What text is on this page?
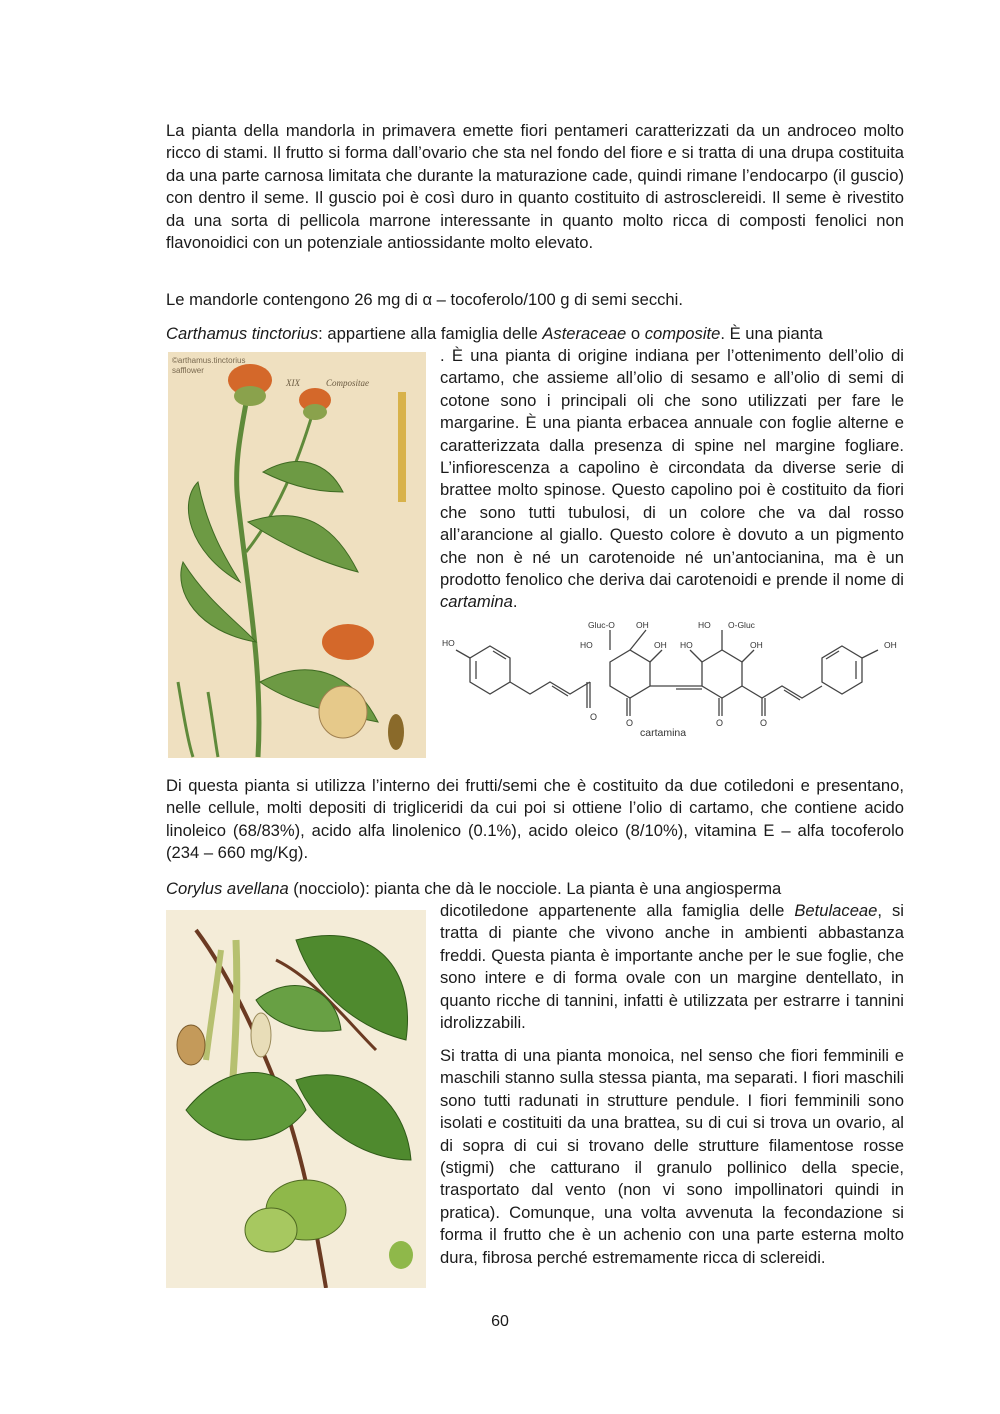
La pianta della mandorla in primavera emette fiori pentameri caratterizzati da un androceo molto ricco di stami. Il frutto si forma dall’ovario che sta nel fondo del fiore e si tratta di una drupa costituita da una parte carnosa limitata che durante la maturazione cade, quindi rimane l’endocarpo (il guscio) con dentro il seme. Il guscio poi è così duro in quanto costituito di astrosclereidi. Il seme è rivestito da una sorta di pellicola marrone interessante in quanto molto ricca di composti fenolici non flavonoidici con un potenziale antiossidante molto elevato.

Le mandorle contengono 26 mg di α – tocoferolo/100 g di semi secchi.

Carthamus tinctorius: appartiene alla famiglia delle Asteraceae o composite. È una pianta

©arthamus.tinctorius
safflower
XIX	Compositae

. È una pianta di origine indiana per l’ottenimento dell’olio di cartamo, che assieme all’olio di sesamo e all’olio di semi di cotone sono i principali oli che sono utilizzati per fare le margarine. È una pianta erbacea annuale con foglie alterne e caratterizzata dalla presenza di spine nel margine fogliare. L’infiorescenza a capolino è circondata da diverse serie di brattee molto spinose. Questo capolino poi è costituito da fiori che sono tutti tubulosi, di un colore che va dal rosso all’arancione al giallo. Questo colore è dovuto a un pigmento che non è né un carotenoide né un’antocianina, ma è un prodotto fenolico che deriva dai carotenoidi e prende il nome di cartamina.

HO
Gluc-O OH
HO
O-Gluc
HO
OH	OH
HO	OH
O
O	O	O
cartamina

Di questa pianta si utilizza l’interno dei frutti/semi che è costituito da due cotiledoni e presentano, nelle cellule, molti depositi di trigliceridi da cui poi si ottiene l’olio di cartamo, che contiene acido linoleico (68/83%), acido alfa linolenico (0.1%), acido oleico (8/10%), vitamina E – alfa tocoferolo (234 – 660 mg/Kg).

Corylus avellana (nocciolo): pianta che dà le nocciole. La pianta è una angiosperma

dicotiledone appartenente alla famiglia delle Betulaceae, si tratta di piante che vivono anche in ambienti abbastanza freddi. Questa pianta è importante anche per le sue foglie, che sono intere e di forma ovale con un margine dentellato, in quanto ricche di tannini, infatti è utilizzata per estrarre i tannini idrolizzabili.

Si tratta di una pianta monoica, nel senso che fiori femminili e maschili stanno sulla stessa pianta, ma separati. I fiori maschili sono tutti radunati in strutture pendule. I fiori femminili sono isolati e costituiti da una brattea, su di cui si trova un ovario, al di sopra di cui si trovano delle strutture filamentose rosse (stigmi) che catturano il granulo pollinico della specie, trasportato dal vento (non vi sono impollinatori quindi in pratica). Comunque, una volta avvenuta la fecondazione si forma il frutto che è un achenio con una parte esterna molto dura, fibrosa perché estremamente ricca di sclereidi.

60
